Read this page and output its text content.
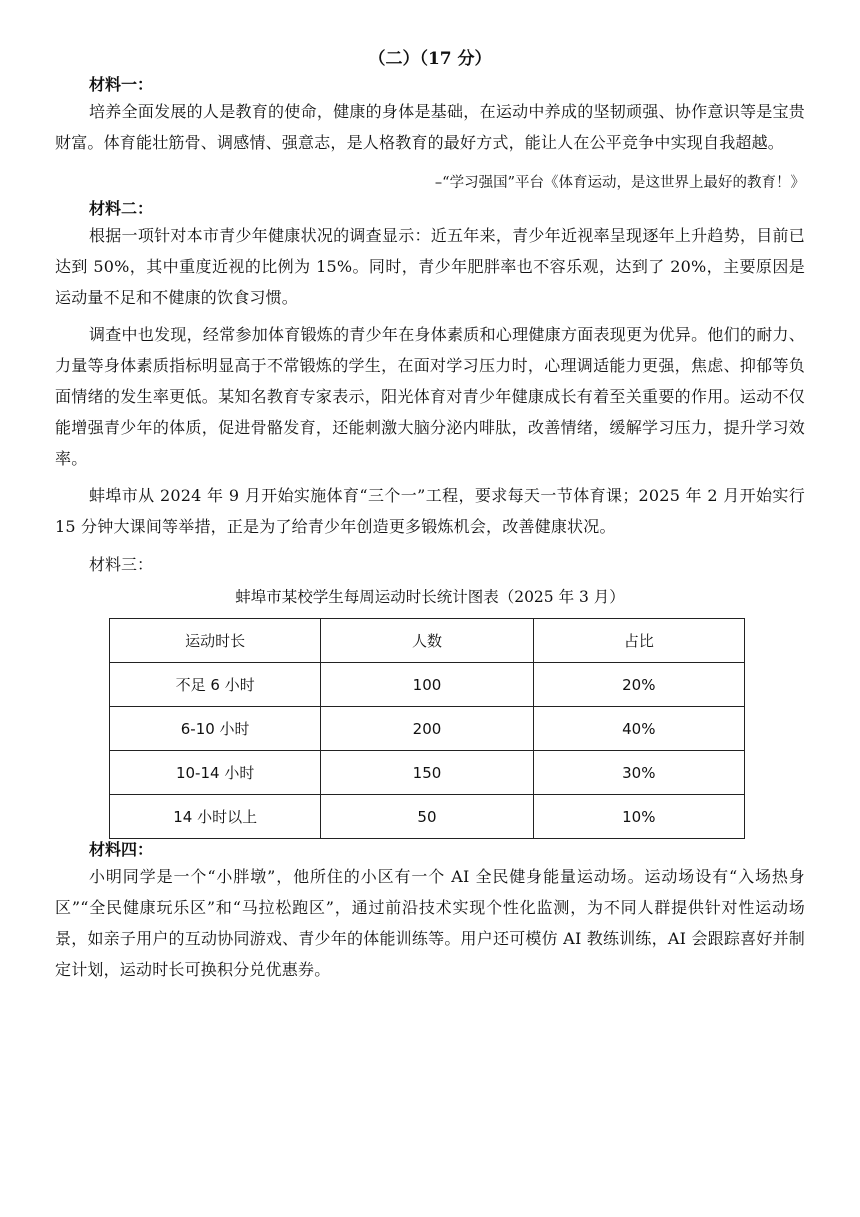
（二）（17 分）
材料一：

培养全面发展的人是教育的使命，健康的身体是基础，在运动中养成的坚韧顽强、协作意识等是宝贵财富。体育能壮筋骨、调感情、强意志，是人格教育的最好方式，能让人在公平竞争中实现自我超越。

–“学习强国”平台《体育运动，是这世界上最好的教育！》
材料二：

根据一项针对本市青少年健康状况的调查显示：近五年来，青少年近视率呈现逐年上升趋势，目前已达到 50%，其中重度近视的比例为 15%。同时，青少年肥胖率也不容乐观，达到了 20%，主要原因是运动量不足和不健康的饮食习惯。

调查中也发现，经常参加体育锻炼的青少年在身体素质和心理健康方面表现更为优异。他们的耐力、力量等身体素质指标明显高于不常锻炼的学生，在面对学习压力时，心理调适能力更强，焦虑、抑郁等负面情绪的发生率更低。某知名教育专家表示，阳光体育对青少年健康成长有着至关重要的作用。运动不仅能增强青少年的体质，促进骨骼发育，还能刺激大脑分泌内啡肽，改善情绪，缓解学习压力，提升学习效率。

蚌埠市从 2024 年 9 月开始实施体育“三个一”工程，要求每天一节体育课；2025 年 2 月开始实行 15 分钟大课间等举措，正是为了给青少年创造更多锻炼机会，改善健康状况。

材料三：
蚌埠市某校学生每周运动时长统计图表（2025 年 3 月）
运动时长	人数	占比
不足 6 小时	100	20%
6-10 小时	200	40%
10-14 小时	150	30%
14 小时以上	50	10%
材料四：

小明同学是一个“小胖墩”，他所住的小区有一个 AI 全民健身能量运动场。运动场设有“入场热身区”“全民健康玩乐区”和“马拉松跑区”，通过前沿技术实现个性化监测，为不同人群提供针对性运动场景，如亲子用户的互动协同游戏、青少年的体能训练等。用户还可模仿 AI 教练训练，AI 会跟踪喜好并制定计划，运动时长可换积分兑优惠券。
